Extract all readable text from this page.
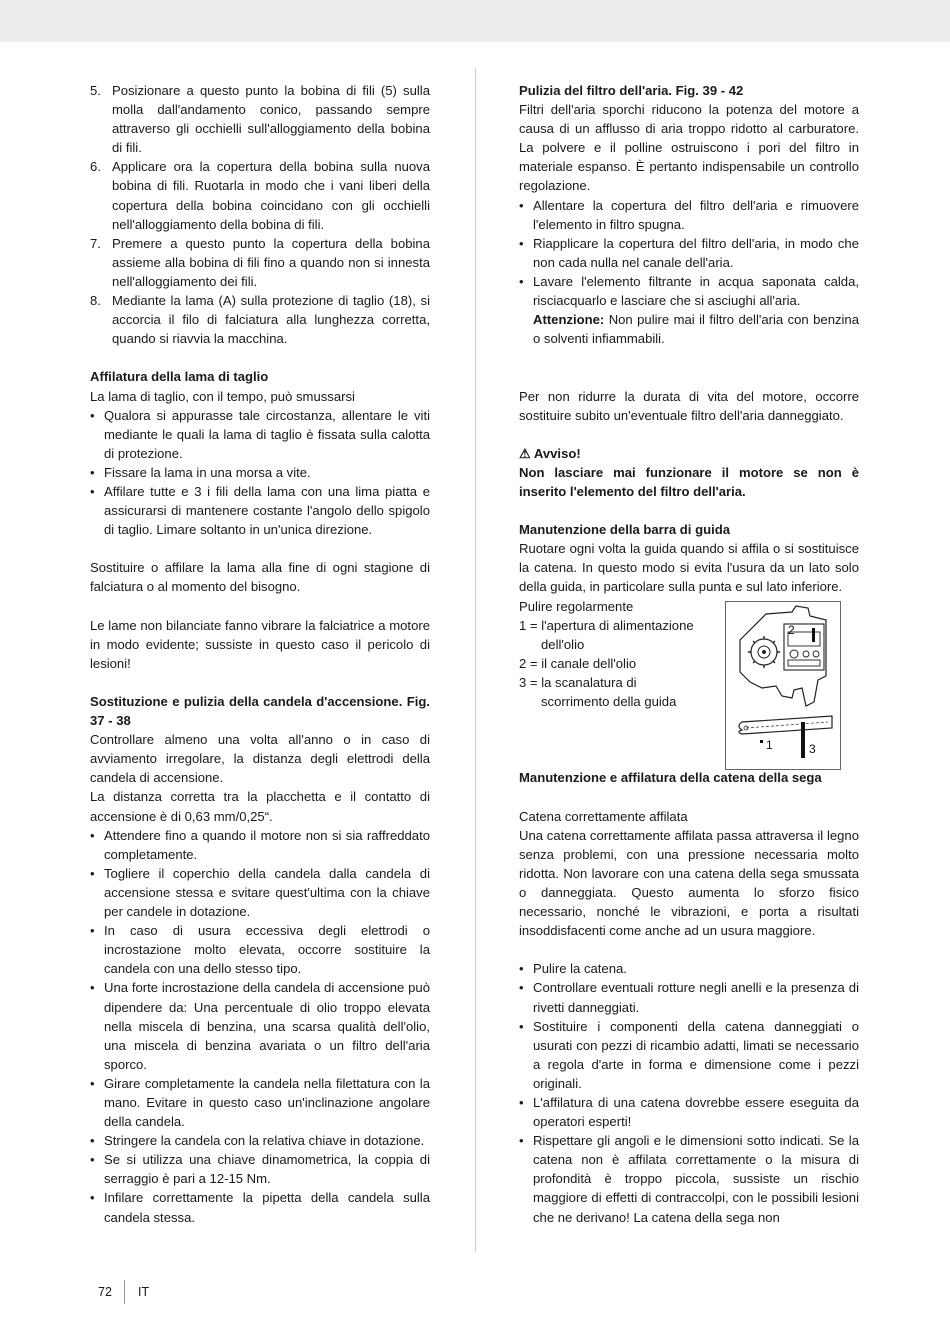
5. Posizionare a questo punto la bobina di fili (5) sulla molla dall'andamento conico, passando sempre attraverso gli occhielli sull'alloggiamento della bobina di fili.
6. Applicare ora la copertura della bobina sulla nuova bobina di fili. Ruotarla in modo che i vani liberi della copertura della bobina coincidano con gli occhielli nell'alloggiamento della bobina di fili.
7. Premere a questo punto la copertura della bobina assieme alla bobina di fili fino a quando non si innesta nell'alloggiamento dei fili.
8. Mediante la lama (A) sulla protezione di taglio (18), si accorcia il filo di falciatura alla lunghezza corretta, quando si riavvia la macchina.
Affilatura della lama di taglio

La lama di taglio, con il tempo, può smussarsi

• Qualora si appurasse tale circostanza, allentare le viti mediante le quali la lama di taglio è fissata sulla calotta di protezione.
• Fissare la lama in una morsa a vite.
• Affilare tutte e 3 i fili della lama con una lima piatta e assicurarsi di mantenere costante l'angolo dello spigolo di taglio. Limare soltanto in un'unica direzione.

Sostituire o affilare la lama alla fine di ogni stagione di falciatura o al momento del bisogno.

Le lame non bilanciate fanno vibrare la falciatrice a motore in modo evidente; sussiste in questo caso il pericolo di lesioni!

Sostituzione e pulizia della candela d'accensione. Fig. 37 - 38

Controllare almeno una volta all'anno o in caso di avviamento irregolare, la distanza degli elettrodi della candela di accensione.

La distanza corretta tra la placchetta e il contatto di accensione è di 0,63 mm/0,25“.

• Attendere fino a quando il motore non si sia raffreddato completamente.
• Togliere il coperchio della candela dalla candela di accensione stessa e svitare quest'ultima con la chiave per candele in dotazione.
• In caso di usura eccessiva degli elettrodi o incrostazione molto elevata, occorre sostituire la candela con una dello stesso tipo.
• Una forte incrostazione della candela di accensione può dipendere da: Una percentuale di olio troppo elevata nella miscela di benzina, una scarsa qualità dell'olio, una miscela di benzina avariata o un filtro dell'aria sporco.
• Girare completamente la candela nella filettatura con la mano. Evitare in questo caso un'inclinazione angolare della candela.
• Stringere la candela con la relativa chiave in dotazione.
• Se si utilizza una chiave dinamometrica, la coppia di serraggio è pari a 12-15 Nm.
• Infilare correttamente la pipetta della candela sulla candela stessa.
Pulizia del filtro dell'aria. Fig. 39 - 42

Filtri dell'aria sporchi riducono la potenza del motore a causa di un afflusso di aria troppo ridotto al carburatore. La polvere e il polline ostruiscono i pori del filtro in materiale espanso. È pertanto indispensabile un controllo regolazione.

• Allentare la copertura del filtro dell'aria e rimuovere l'elemento in filtro spugna.
• Riapplicare la copertura del filtro dell'aria, in modo che non cada nulla nel canale dell'aria.
• Lavare l'elemento filtrante in acqua saponata calda, risciacquarlo e lasciare che si asciughi all'aria.

Attenzione: Non pulire mai il filtro dell'aria con benzina o solventi infiammabili.

Per non ridurre la durata di vita del motore, occorre sostituire subito un'eventuale filtro dell'aria danneggiato.

⚠ Avviso!

Non lasciare mai funzionare il motore se non è inserito l'elemento del filtro dell'aria.

Manutenzione della barra di guida

Ruotare ogni volta la guida quando si affila o si sostituisce la catena. In questo modo si evita l'usura da un lato solo della guida, in particolare sulla punta e sul lato inferiore.

Pulire regolarmente

1 = l'apertura di alimentazione
dell'olio
2 = il canale dell'olio
3 = la scanalatura di
scorrimento della guida
Manutenzione e affilatura della catena della sega

Catena correttamente affilata

Una catena correttamente affilata passa attraversa il legno senza problemi, con una pressione necessaria molto ridotta. Non lavorare con una catena della sega smussata o danneggiata. Questo aumenta lo sforzo fisico necessario, nonché le vibrazioni, e porta a risultati insoddisfacenti come anche ad un usura maggiore.

• Pulire la catena.
• Controllare eventuali rotture negli anelli e la presenza di rivetti danneggiati.
• Sostituire i componenti della catena danneggiati o usurati con pezzi di ricambio adatti, limati se necessario a regola d'arte in forma e dimensione come i pezzi originali.
• L'affilatura di una catena dovrebbe essere eseguita da operatori esperti!
• Rispettare gli angoli e le dimensioni sotto indicati. Se la catena non è affilata correttamente o la misura di profondità è troppo piccola, sussiste un rischio maggiore di effetti di contraccolpi, con le possibili lesioni che ne derivano! La catena della sega non
2
1	3
72 IT
